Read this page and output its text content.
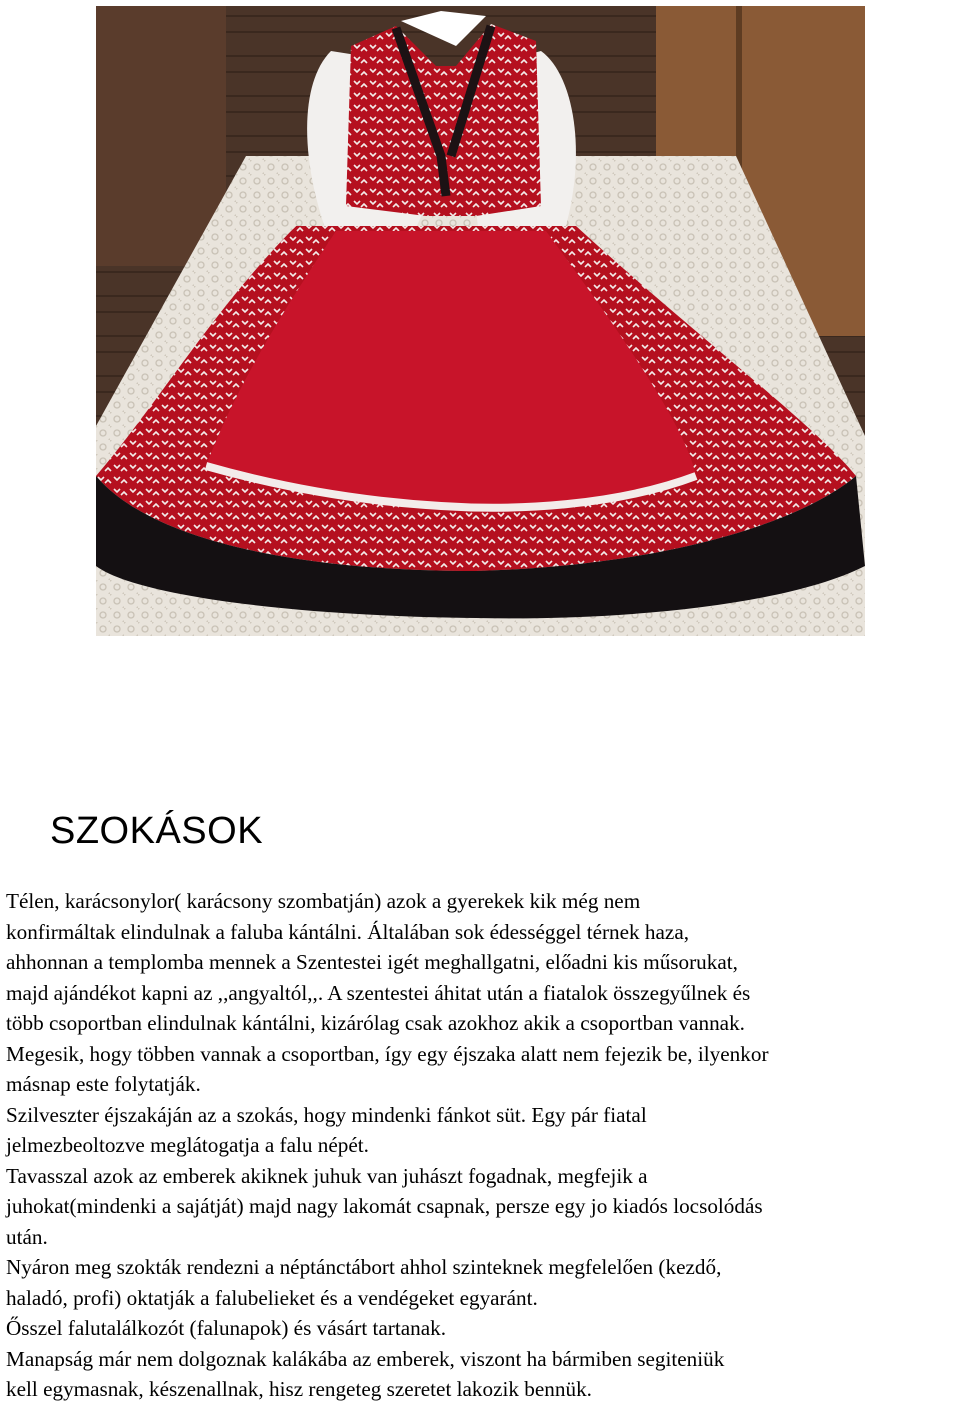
SZOKÁSOK
Télen, karácsonylor( karácsony szombatján) azok a gyerekek kik még nem
konfirmáltak elindulnak a faluba kántálni. Általában sok édességgel térnek haza,
ahhonnan a templomba mennek a Szentestei igét meghallgatni, előadni kis műsorukat,
majd ajándékot kapni az ,,angyaltól,,. A szentestei áhitat után a fiatalok összegyűlnek és
több csoportban elindulnak kántálni, kizárólag csak azokhoz akik a csoportban vannak.
Megesik, hogy többen vannak a csoportban, így egy éjszaka alatt nem fejezik be, ilyenkor
másnap este folytatják.
Szilveszter éjszakáján az a szokás, hogy mindenki fánkot süt. Egy pár fiatal
jelmezbeoltozve meglátogatja a falu népét.
Tavasszal azok az emberek akiknek juhuk van juhászt fogadnak, megfejik a
juhokat(mindenki a sajátját) majd nagy lakomát csapnak, persze egy jo kiadós locsolódás
után.
Nyáron meg szokták rendezni a néptánctábort ahhol szinteknek megfelelően (kezdő,
haladó, profi) oktatják a falubelieket és a vendégeket egyaránt.
Ősszel falutalálkozót (falunapok) és vásárt tartanak.
Manapság már nem dolgoznak kalákába az emberek, viszont ha bármiben segiteniük
kell egymasnak, készenallnak, hisz rengeteg szeretet lakozik bennük.
